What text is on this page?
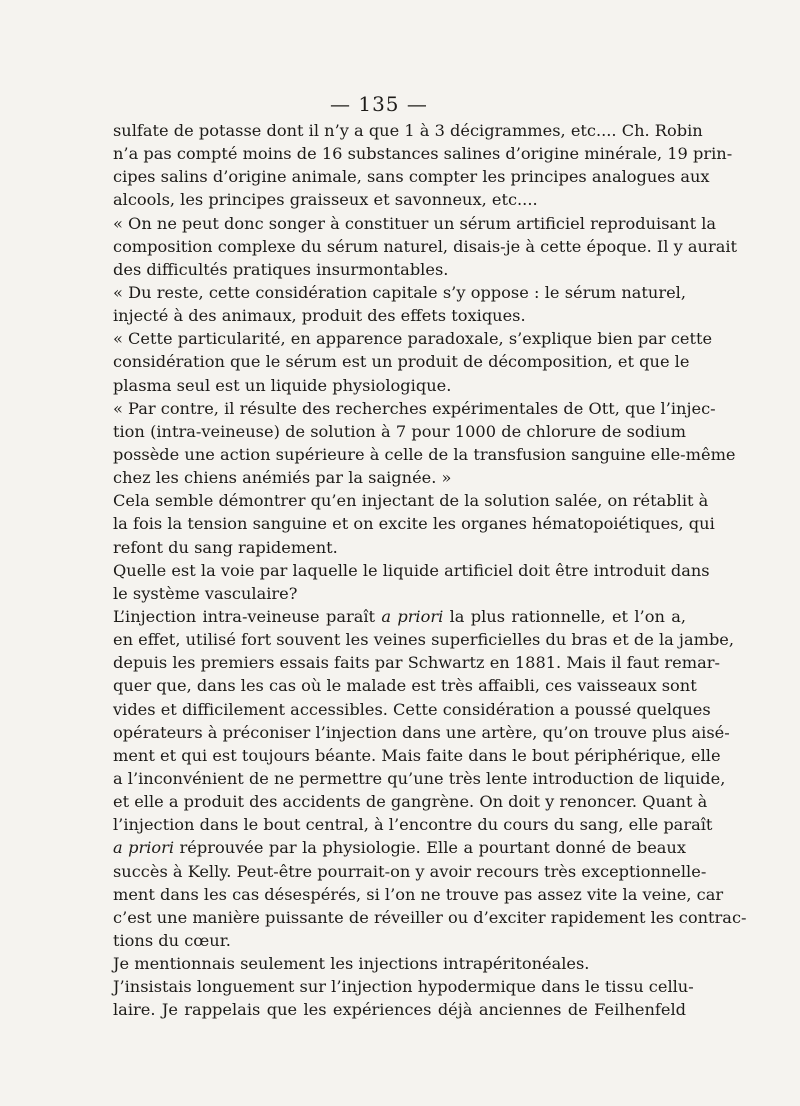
— 135 —
sulfate de potasse dont il n’y a que 1 à 3 décigrammes, etc.... Ch. Robin
n’a pas compté moins de 16 substances salines d’origine minérale, 19 prin-
cipes salins d’origine animale, sans compter les principes analogues aux
alcools, les principes graisseux et savonneux, etc....
« On ne peut donc songer à constituer un sérum artificiel reproduisant la
composition complexe du sérum naturel, disais-je à cette époque. Il y aurait
des difficultés pratiques insurmontables.
« Du reste, cette considération capitale s’y oppose : le sérum naturel,
injecté à des animaux, produit des effets toxiques.
« Cette particularité, en apparence paradoxale, s’explique bien par cette
considération que le sérum est un produit de décomposition, et que le
plasma seul est un liquide physiologique.
« Par contre, il résulte des recherches expérimentales de Ott, que l’injec-
tion (intra-veineuse) de solution à 7 pour 1000 de chlorure de sodium
possède une action supérieure à celle de la transfusion sanguine elle-même
chez les chiens anémiés par la saignée. »
Cela semble démontrer qu’en injectant de la solution salée, on rétablit à
la fois la tension sanguine et on excite les organes hématopoiétiques, qui
refont du sang rapidement.
Quelle est la voie par laquelle le liquide artificiel doit être introduit dans
le système vasculaire?
L’injection intra-veineuse paraît a priori la plus rationnelle, et l’on a,
en effet, utilisé fort souvent les veines superficielles du bras et de la jambe,
depuis les premiers essais faits par Schwartz en 1881. Mais il faut remar-
quer que, dans les cas où le malade est très affaibli, ces vaisseaux sont
vides et difficilement accessibles. Cette considération a poussé quelques
opérateurs à préconiser l’injection dans une artère, qu’on trouve plus aisé-
ment et qui est toujours béante. Mais faite dans le bout périphérique, elle
a l’inconvénient de ne permettre qu’une très lente introduction de liquide,
et elle a produit des accidents de gangrène. On doit y renoncer. Quant à
l’injection dans le bout central, à l’encontre du cours du sang, elle paraît
a priori réprouvée par la physiologie. Elle a pourtant donné de beaux
succès à Kelly. Peut-être pourrait-on y avoir recours très exceptionnelle-
ment dans les cas désespérés, si l’on ne trouve pas assez vite la veine, car
c’est une manière puissante de réveiller ou d’exciter rapidement les contrac-
tions du cœur.
Je mentionnais seulement les injections intrapéritonéales.
J’insistais longuement sur l’injection hypodermique dans le tissu cellu-
laire. Je rappelais que les expériences déjà anciennes de Feilhenfeld
